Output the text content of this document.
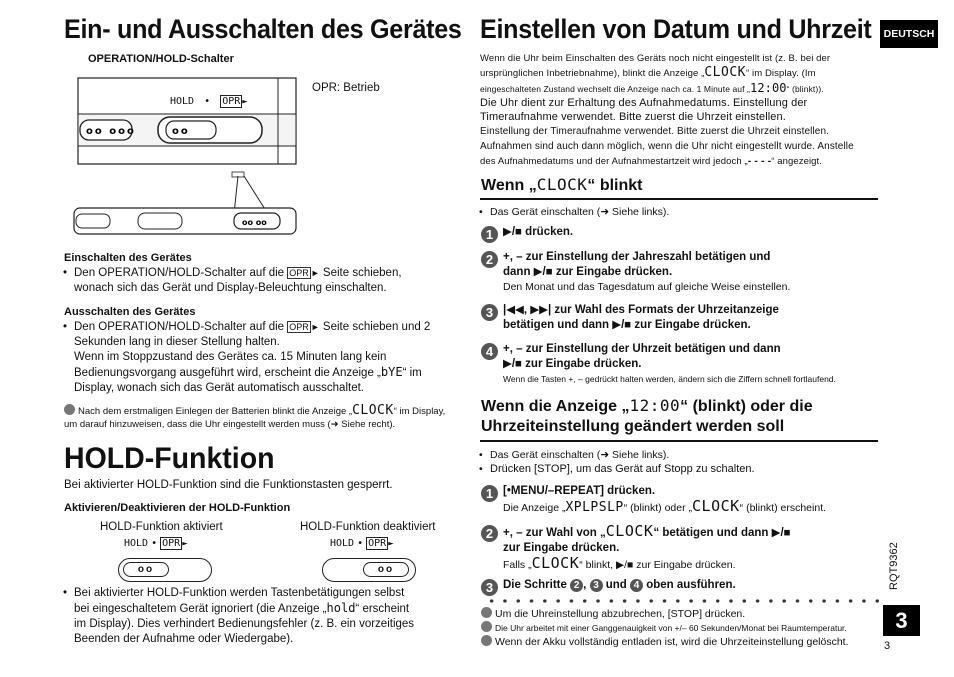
Ein- und Ausschalten des Gerätes
OPERATION/HOLD-Schalter
OPR: Betrieb
oo
oo ooo
oo oo
HOLD • OPR ►
Einschalten des Gerätes
Den OPERATION/HOLD-Schalter auf die OPR ► Seite schieben,
wonach sich das Gerät und Display-Beleuchtung einschalten.
Ausschalten des Gerätes
Den OPERATION/HOLD-Schalter auf die OPR ► Seite schieben und 2
Sekunden lang in dieser Stellung halten.
Wenn im Stoppzustand des Gerätes ca. 15 Minuten lang kein
Bedienungsvorgang ausgeführt wird, erscheint die Anzeige „bYE“ im
Display, wonach sich das Gerät automatisch ausschaltet.
Nach dem erstmaligen Einlegen der Batterien blinkt die Anzeige „CLOCK“ im Display,
um darauf hinzuweisen, dass die Uhr eingestellt werden muss (➜ Siehe recht).
HOLD-Funktion
Bei aktivierter HOLD-Funktion sind die Funktionstasten gesperrt.
Aktivieren/Deaktivieren der HOLD-Funktion
HOLD-Funktion aktiviert	HOLD-Funktion deaktiviert
HOLD • OPR ►
oo
HOLD • OPR ►
oo
Bei aktivierter HOLD-Funktion werden Tastenbetätigungen selbst
bei eingeschaltetem Gerät ignoriert (die Anzeige „hold“ erscheint
im Display). Dies verhindert Bedienungsfehler (z. B. ein vorzeitiges
Beenden der Aufnahme oder Wiedergabe).
Einstellen von Datum und Uhrzeit	DEUTSCH
Wenn die Uhr beim Einschalten des Geräts noch nicht eingestellt ist (z. B. bei der
ursprünglichen Inbetriebnahme), blinkt die Anzeige „CLOCK“ im Display. (Im
eingeschalteten Zustand wechselt die Anzeige nach ca. 1 Minute auf „12:00“ (blinkt)).
Die Uhr dient zur Erhaltung des Aufnahmedatums. Einstellung der
Timeraufnahme verwendet. Bitte zuerst die Uhrzeit einstellen.
Einstellung der Timeraufnahme verwendet. Bitte zuerst die Uhrzeit einstellen.
Aufnahmen sind auch dann möglich, wenn die Uhr nicht eingestellt wurde. Anstelle
des Aufnahmedatums und der Aufnahmestartzeit wird jedoch „- - - -“ angezeigt.
Wenn „CLOCK“ blinkt
Das Gerät einschalten (➜ Siehe links).
1 ▶/■ drücken.
2 +, – zur Einstellung der Jahreszahl betätigen und
dann ▶/■ zur Eingabe drücken.
Den Monat und das Tagesdatum auf gleiche Weise einstellen.
3 |◀◀, ▶▶| zur Wahl des Formats der Uhrzeitanzeige
betätigen und dann ▶/■ zur Eingabe drücken.
4 +, – zur Einstellung der Uhrzeit betätigen und dann
▶/■ zur Eingabe drücken.
Wenn die Tasten +, – gedrückt halten werden, ändern sich die Ziffern schnell fortlaufend.
Wenn die Anzeige „12:00“ (blinkt) oder die
Uhrzeiteinstellung geändert werden soll
Das Gerät einschalten (➜ Siehe links).
Drücken [STOP], um das Gerät auf Stopp zu schalten.
1 [•MENU/–REPEAT] drücken.
Die Anzeige „XPLPSLP“ (blinkt) oder „CLOCK“ (blinkt) erscheint.
2 +, – zur Wahl von „CLOCK“ betätigen und dann ▶/■
zur Eingabe drücken.
Falls „CLOCK“ blinkt, ▶/■ zur Eingabe drücken.
3 Die Schritte 2 , 3 und 4 oben ausführen.
Um die Uhreinstellung abzubrechen, [STOP] drücken.
Die Uhr arbeitet mit einer Ganggenauigkeit von +/– 60 Sekunden/Monat bei Raumtemperatur.
Wenn der Akku vollständig entladen ist, wird die Uhrzeiteinstellung gelöscht.
RQT9362
3
3
